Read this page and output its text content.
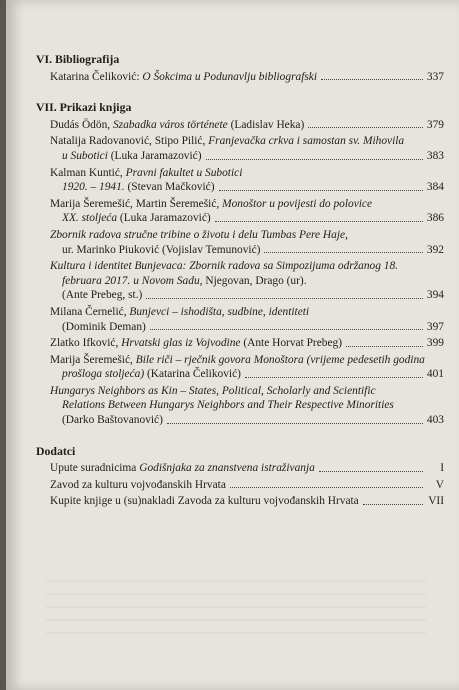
VI. Bibliografija
Katarina Čeliković: O Šokcima u Podunavlju bibliografski	337
VII. Prikazi knjiga
Dudás Ödön, Szabadka város története (Ladislav Heka)	379
Natalija Radovanović, Stipo Pilić, Franjevačka crkva i samostan sv. Mihovila
u Subotici (Luka Jaramazović)	383
Kalman Kuntić, Pravni fakultet u Subotici
1920. – 1941. (Stevan Mačković)	384
Marija Šeremešić, Martin Šeremešić, Monoštor u povijesti do polovice
XX. stoljeća (Luka Jaramazović)	386
Zbornik radova stručne tribine o životu i delu Tumbas Pere Haje,
ur. Marinko Piuković (Vojislav Temunović)	392
Kultura i identitet Bunjevaca: Zbornik radova sa Simpozijuma održanog 18.
februara 2017. u Novom Sadu, Njegovan, Drago (ur).
(Ante Prebeg, st.)	394
Milana Černelić, Bunjevci – ishodišta, sudbine, identiteti
(Dominik Deman)	397
Zlatko Ifković, Hrvatski glas iz Vojvodine (Ante Horvat Prebeg)	399
Marija Šeremešić, Bile riči – rječnik govora Monoštora (vrijeme pedesetih godina
prošloga stoljeća) (Katarina Čeliković)	401
Hungarys Neighbors as Kin – States, Political, Scholarly and Scientific
Relations Between Hungarys Neighbors and Their Respective Minorities
(Darko Baštovanović)	403
Dodatci
Upute suradnicima Godišnjaka za znanstvena istraživanja	I
Zavod za kulturu vojvođanskih Hrvata	V
Kupite knjige u (su)nakladi Zavoda za kulturu vojvođanskih Hrvata	VII
